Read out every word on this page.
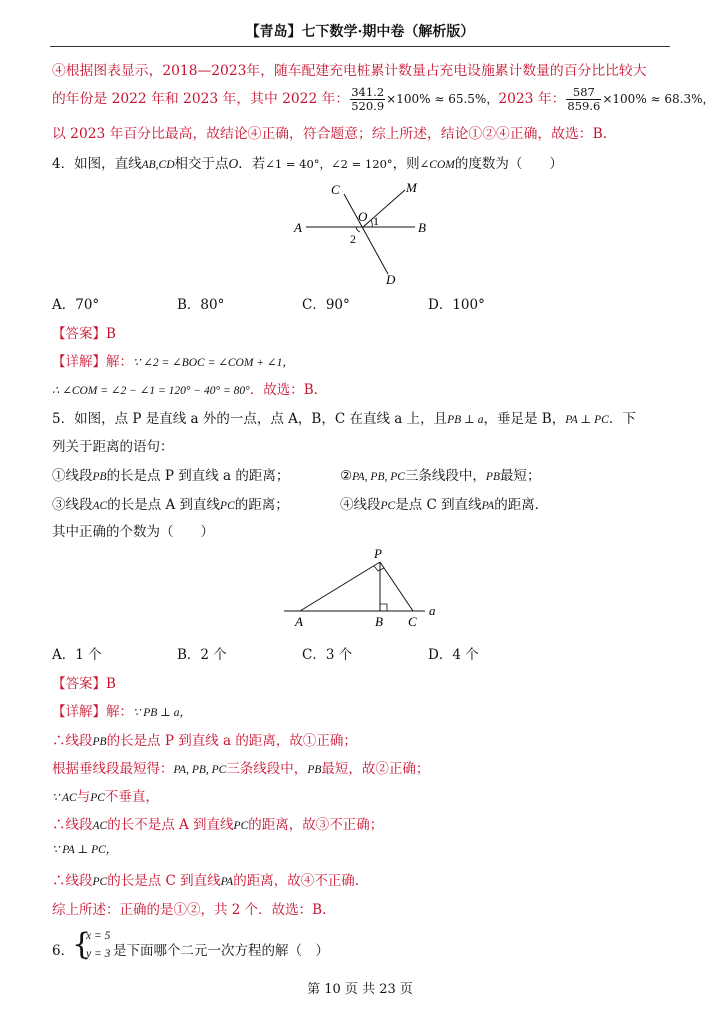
【青岛】七下数学·期中卷（解析版）
④根据图表显示，2018—2023年，随车配建充电桩累计数量占充电设施累计数量的百分比比较大
的年份是 2022 年和 2023 年，其中 2022 年： $\frac{341.2}{520.9} \times 100\% \approx 65.5\%$，2023 年： $\frac{587}{859.6} \times 100\% \approx 68.3\%$，
以 2023 年百分比最高，故结论④正确，符合题意；综上所述，结论①②④正确，故选：B.
4．如图，直线AB,CD相交于点O．若∠1 = 40°，∠2 = 120°，则∠COM的度数为（　　）
A	B
C
D
M
O 1
2
A．70°	B．80°	C．90°	D．100°
【答案】B
【详解】解：∵ ∠2 = ∠BOC = ∠COM + ∠1，
∴ ∠COM = ∠2 − ∠1 = 120° − 40° = 80°．故选：B.
5．如图，点 P 是直线 a 外的一点，点 A，B，C 在直线 a 上，且PB ⊥ a，垂足是 B，PA ⊥ PC．下
列关于距离的语句：
①线段PB的长是点 P 到直线 a 的距离；	②PA, PB, PC三条线段中，PB最短；
③线段AC的长是点 A 到直线PC的距离；	④线段PC是点 C 到直线PA的距离．
其中正确的个数为（　　）
P
A	B C
a
A．1 个	B．2 个	C．3 个	D．4 个
【答案】B
【详解】解：∵ PB ⊥ a，
∴线段PB的长是点 P 到直线 a 的距离，故①正确；
根据垂线段最短得：PA, PB, PC三条线段中，PB最短，故②正确；
∵ AC与PC不垂直，
∴线段AC的长不是点 A 到直线PC的距离，故③不正确；
∵ PA ⊥ PC，
∴线段PC的长是点 C 到直线PA的距离，故④不正确.
综上所述：正确的是①②，共 2 个．故选：B.
6．
{
x = 5
y = 3 是下面哪个二元一次方程的解（　）
第 10 页 共 23 页
